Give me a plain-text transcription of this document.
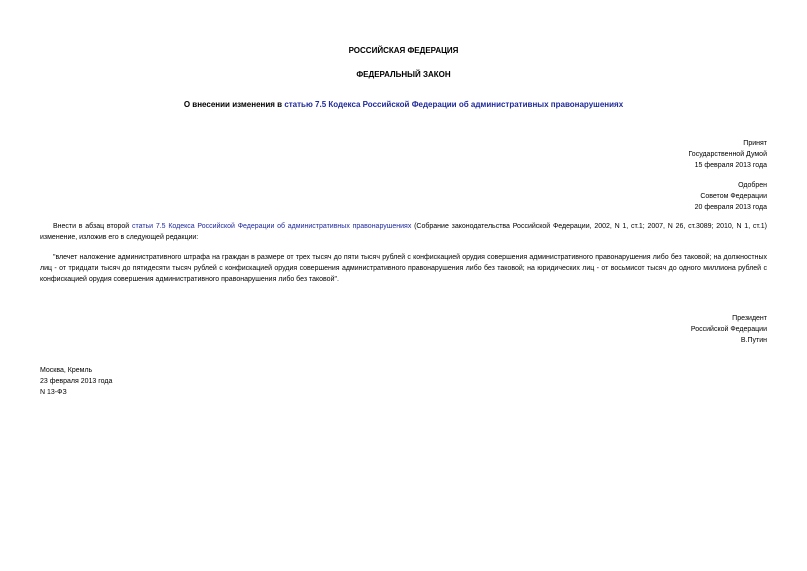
РОССИЙСКАЯ ФЕДЕРАЦИЯ
ФЕДЕРАЛЬНЫЙ ЗАКОН
О внесении изменения в статью 7.5 Кодекса Российской Федерации об административных правонарушениях
Принят
Государственной Думой
15 февраля 2013 года
Одобрен
Советом Федерации
20 февраля 2013 года
Внести в абзац второй статьи 7.5 Кодекса Российской Федерации об административных правонарушениях (Собрание законодательства Российской Федерации, 2002, N 1, ст.1; 2007, N 26, ст.3089; 2010, N 1, ст.1) изменение, изложив его в следующей редакции:
"влечет наложение административного штрафа на граждан в размере от трех тысяч до пяти тысяч рублей с конфискацией орудия совершения административного правонарушения либо без таковой; на должностных лиц - от тридцати тысяч до пятидесяти тысяч рублей с конфискацией орудия совершения административного правонарушения либо без таковой; на юридических лиц - от восьмисот тысяч до одного миллиона рублей с конфискацией орудия совершения административного правонарушения либо без таковой".
Президент
Российской Федерации
В.Путин
Москва, Кремль
23 февраля 2013 года
N 13-ФЗ
